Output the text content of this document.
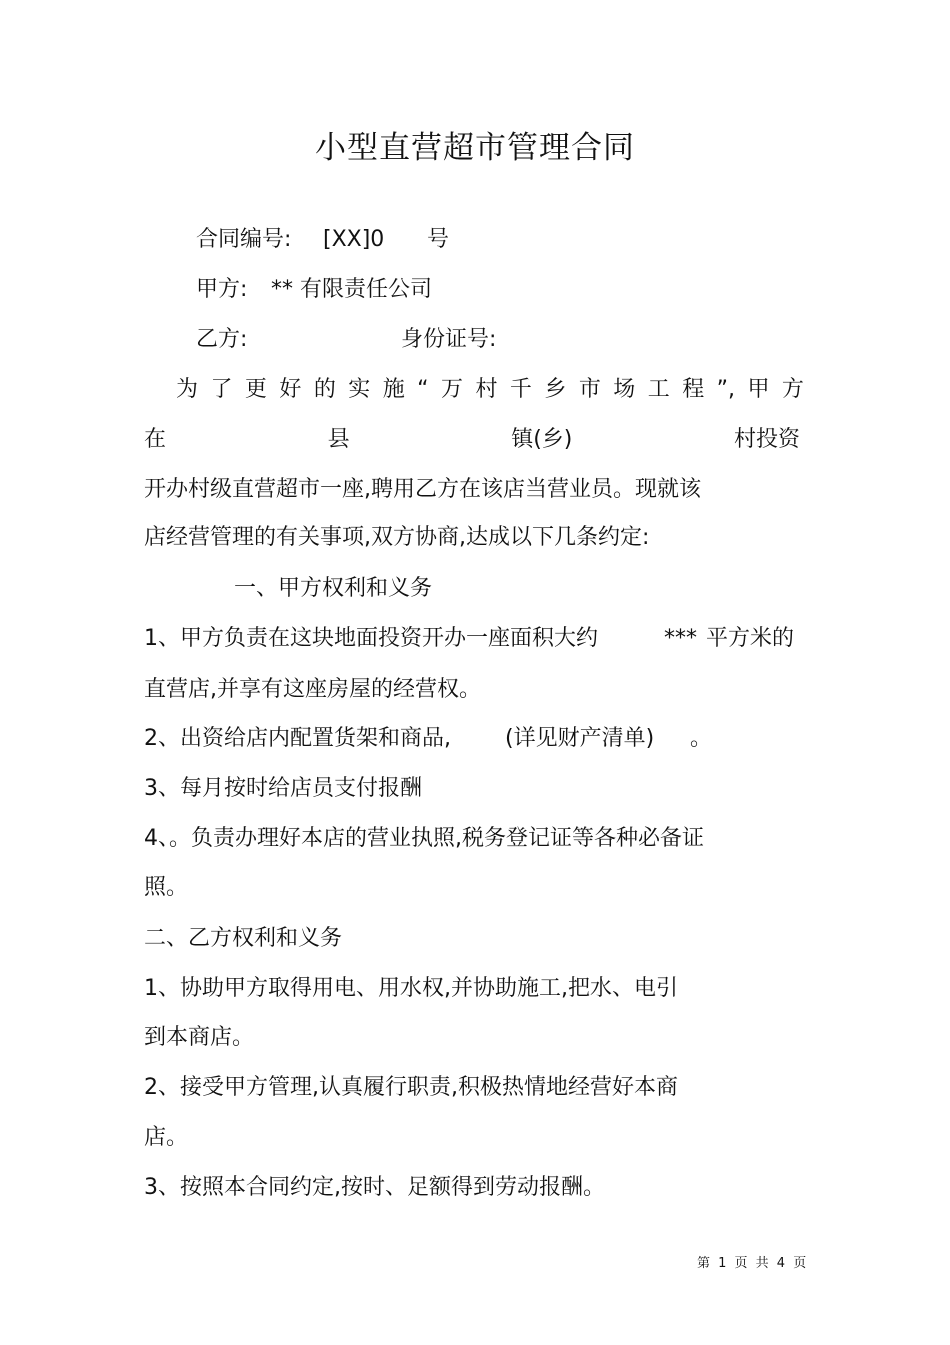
小型直营超市管理合同
合同编号: [XX]0 号
甲方: ** 有限责任公司
乙方:	身份证号:
为 了 更 好 的 实 施 “ 万 村 千 乡 市 场 工 程 ”, 甲 方
在	县	镇(乡)	村投资
开办村级直营超市一座,聘用乙方在该店当营业员。现就该
店经营管理的有关事项,双方协商,达成以下几条约定:
一、甲方权利和义务
1、甲方负责在这块地面投资开办一座面积大约	*** 平方米的
直营店,并享有这座房屋的经营权。
2、出资给店内配置货架和商品, (详见财产清单) 。
3、每月按时给店员支付报酬
4、。负责办理好本店的营业执照,税务登记证等各种必备证
照。
二、乙方权利和义务
1、协助甲方取得用电、用水权,并协助施工,把水、电引
到本商店。
2、接受甲方管理,认真履行职责,积极热情地经营好本商
店。
3、按照本合同约定,按时、足额得到劳动报酬。
第 1 页 共 4 页
